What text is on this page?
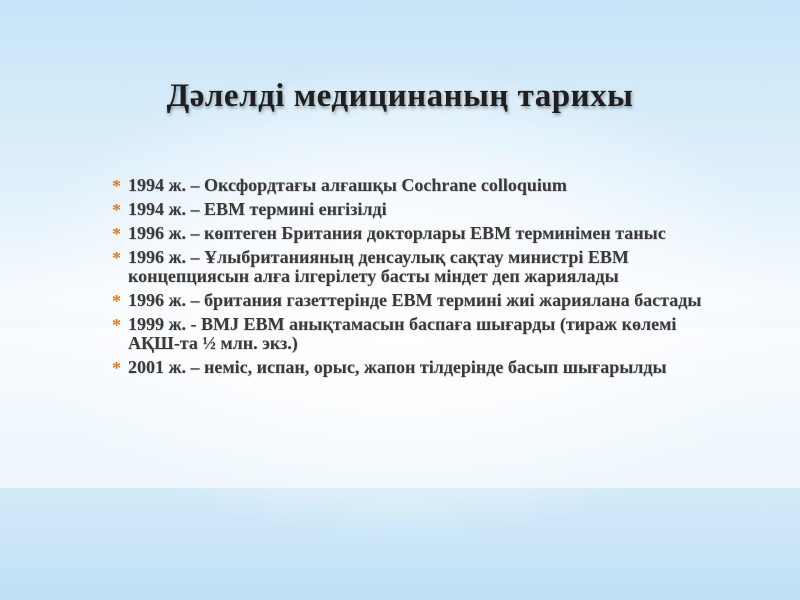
Дәлелді медицинаның тарихы
* 1994 ж. – Оксфордтағы алғашқы Cochrane colloquium
* 1994 ж. – ЕВМ термині енгізілді
* 1996 ж. – көптеген Британия докторлары ЕВМ терминімен таныс
* 1996 ж. – Ұлыбританияның денсаулық сақтау министрі ЕВМ концепциясын алға ілгерілету басты міндет деп жариялады
* 1996 ж. – британия газеттерінде ЕВМ термині жиі жариялана бастады
* 1999 ж. - BMJ ЕВМ анықтамасын баспаға шығарды (тираж көлемі АҚШ-та ½ млн. экз.)
* 2001 ж. – неміс, испан, орыс, жапон тілдерінде басып шығарылды
